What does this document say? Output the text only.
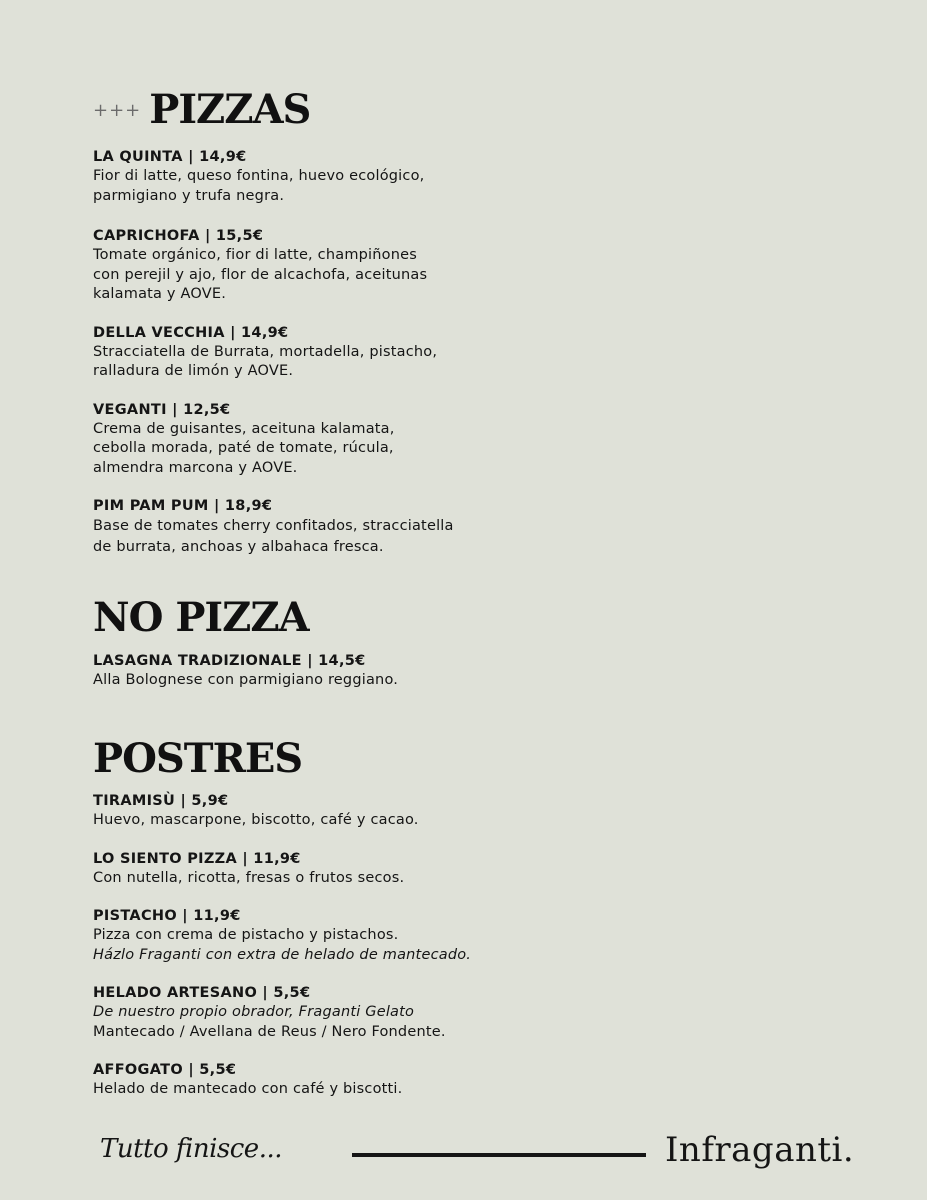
+++ PIZZAS
LA QUINTA | 14,9€
Fior di latte, queso fontina, huevo ecológico,
parmigiano y trufa negra.
CAPRICHOFA | 15,5€
Tomate orgánico, fior di latte, champiñones
con perejil y ajo, flor de alcachofa, aceitunas
kalamata y AOVE.
DELLA VECCHIA | 14,9€
Stracciatella de Burrata, mortadella, pistacho,
ralladura de limón y AOVE.
VEGANTI | 12,5€
Crema de guisantes, aceituna kalamata,
cebolla morada, paté de tomate, rúcula,
almendra marcona y AOVE.
PIM PAM PUM | 18,9€
Base de tomates cherry confitados, stracciatella
de burrata, anchoas y albahaca fresca.
NO PIZZA
LASAGNA TRADIZIONALE | 14,5€
Alla Bolognese con parmigiano reggiano.
POSTRES
TIRAMISÙ | 5,9€
Huevo, mascarpone, biscotto, café y cacao.
LO SIENTO PIZZA | 11,9€
Con nutella, ricotta, fresas o frutos secos.
PISTACHO | 11,9€
Pizza con crema de pistacho y pistachos.
Házlo Fraganti con extra de helado de mantecado.
HELADO ARTESANO | 5,5€
De nuestro propio obrador, Fraganti Gelato
Mantecado / Avellana de Reus / Nero Fondente.
AFFOGATO | 5,5€
Helado de mantecado con café y biscotti.
Tutto finisce...	Infraganti.
